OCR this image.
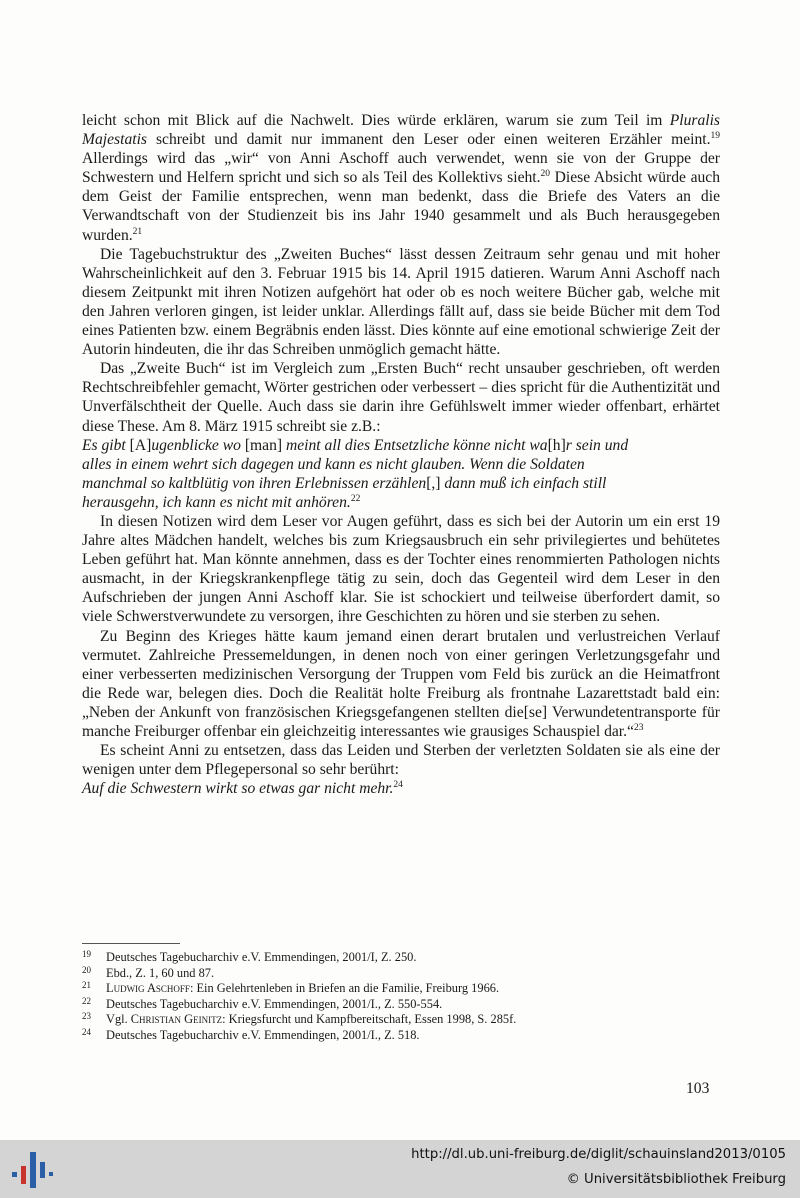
leicht schon mit Blick auf die Nachwelt. Dies würde erklären, warum sie zum Teil im Pluralis Majestatis schreibt und damit nur immanent den Leser oder einen weiteren Erzähler meint.$^{19}$ Allerdings wird das „wir“ von Anni Aschoff auch verwendet, wenn sie von der Gruppe der Schwestern und Helfern spricht und sich so als Teil des Kollektivs sieht.$^{20}$ Diese Absicht würde auch dem Geist der Familie entsprechen, wenn man bedenkt, dass die Briefe des Vaters an die Verwandtschaft von der Studienzeit bis ins Jahr 1940 gesammelt und als Buch herausgegeben wurden.$^{21}$

Die Tagebuchstruktur des „Zweiten Buches“ lässt dessen Zeitraum sehr genau und mit hoher Wahrscheinlichkeit auf den 3. Februar 1915 bis 14. April 1915 datieren. Warum Anni Aschoff nach diesem Zeitpunkt mit ihren Notizen aufgehört hat oder ob es noch weitere Bücher gab, welche mit den Jahren verloren gingen, ist leider unklar. Allerdings fällt auf, dass sie beide Bücher mit dem Tod eines Patienten bzw. einem Begräbnis enden lässt. Dies könnte auf eine emotional schwierige Zeit der Autorin hindeuten, die ihr das Schreiben unmöglich gemacht hätte.

Das „Zweite Buch“ ist im Vergleich zum „Ersten Buch“ recht unsauber geschrieben, oft werden Rechtschreibfehler gemacht, Wörter gestrichen oder verbessert – dies spricht für die Authentizität und Unverfälschtheit der Quelle. Auch dass sie darin ihre Gefühlswelt immer wieder offenbart, erhärtet diese These. Am 8. März 1915 schreibt sie z.B.:

Es gibt [A]ugenblicke wo [man] meint all dies Entsetzliche könne nicht wa[h]r sein und alles in einem wehrt sich dagegen und kann es nicht glauben. Wenn die Soldaten manchmal so kaltblütig von ihren Erlebnissen erzählen[,] dann muß ich einfach still herausgehn, ich kann es nicht mit anhören.$^{22}$

In diesen Notizen wird dem Leser vor Augen geführt, dass es sich bei der Autorin um ein erst 19 Jahre altes Mädchen handelt, welches bis zum Kriegsausbruch ein sehr privilegiertes und behütetes Leben geführt hat. Man könnte annehmen, dass es der Tochter eines renommierten Pathologen nichts ausmacht, in der Kriegskrankenpflege tätig zu sein, doch das Gegenteil wird dem Leser in den Aufschrieben der jungen Anni Aschoff klar. Sie ist schockiert und teilweise überfordert damit, so viele Schwerstverwundete zu versorgen, ihre Geschichten zu hören und sie sterben zu sehen.

Zu Beginn des Krieges hätte kaum jemand einen derart brutalen und verlustreichen Verlauf vermutet. Zahlreiche Pressemeldungen, in denen noch von einer geringen Verletzungsgefahr und einer verbesserten medizinischen Versorgung der Truppen vom Feld bis zurück an die Heimatfront die Rede war, belegen dies. Doch die Realität holte Freiburg als frontnahe Lazarettstadt bald ein: „Neben der Ankunft von französischen Kriegsgefangenen stellten die[se] Verwundetentransporte für manche Freiburger offenbar ein gleichzeitig interessantes wie grausiges Schauspiel dar.“$^{23}$

Es scheint Anni zu entsetzen, dass das Leiden und Sterben der verletzten Soldaten sie als eine der wenigen unter dem Pflegepersonal so sehr berührt:

Auf die Schwestern wirkt so etwas gar nicht mehr.$^{24}$

19	Deutsches Tagebucharchiv e.V. Emmendingen, 2001/I, Z. 250.
20	Ebd., Z. 1, 60 und 87.
21	Ludwig Aschoff: Ein Gelehrtenleben in Briefen an die Familie, Freiburg 1966.
22	Deutsches Tagebucharchiv e.V. Emmendingen, 2001/I., Z. 550-554.
23	Vgl. Christian Geinitz: Kriegsfurcht und Kampfbereitschaft, Essen 1998, S. 285f.
24	Deutsches Tagebucharchiv e.V. Emmendingen, 2001/I., Z. 518.
103
http://dl.ub.uni-freiburg.de/diglit/schauinsland2013/0105
© Universitätsbibliothek Freiburg
